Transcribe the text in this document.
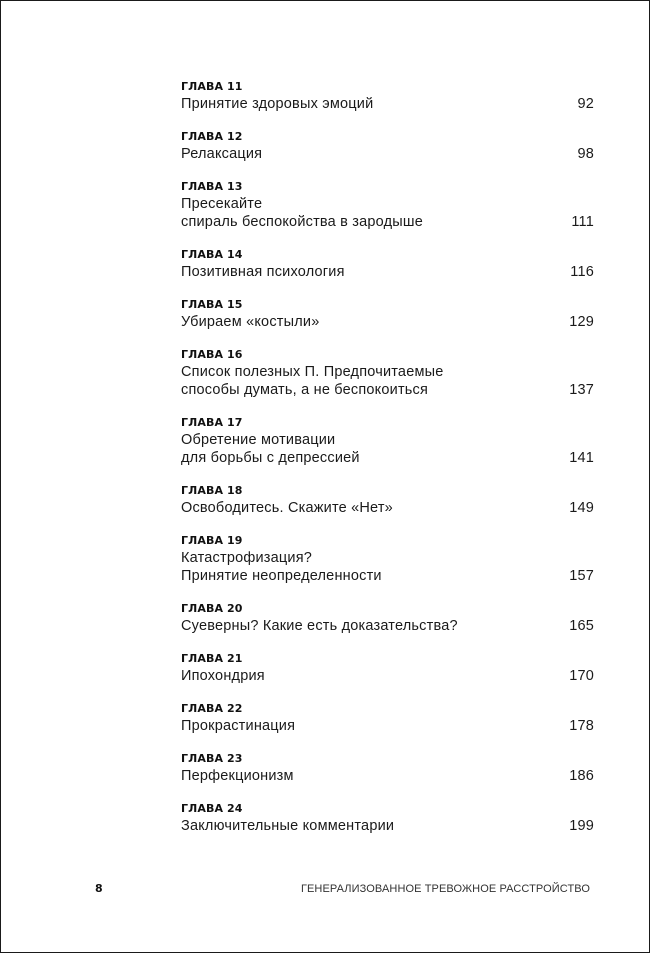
ГЛАВА 11
Принятие здоровых эмоций	92
ГЛАВА 12
Релаксация	98
ГЛАВА 13
Пресекайте
спираль беспокойства в зародыше	111
ГЛАВА 14
Позитивная психология	116
ГЛАВА 15
Убираем «костыли»	129
ГЛАВА 16
Список полезных П. Предпочитаемые
способы думать, а не беспокоиться	137
ГЛАВА 17
Обретение мотивации
для борьбы с депрессией	141
ГЛАВА 18
Освободитесь. Скажите «Нет»	149
ГЛАВА 19
Катастрофизация?
Принятие неопределенности	157
ГЛАВА 20
Суеверны? Какие есть доказательства?	165
ГЛАВА 21
Ипохондрия	170
ГЛАВА 22
Прокрастинация	178
ГЛАВА 23
Перфекционизм	186
ГЛАВА 24
Заключительные комментарии	199
8	ГЕНЕРАЛИЗОВАННОЕ ТРЕВОЖНОЕ РАССТРОЙСТВО
